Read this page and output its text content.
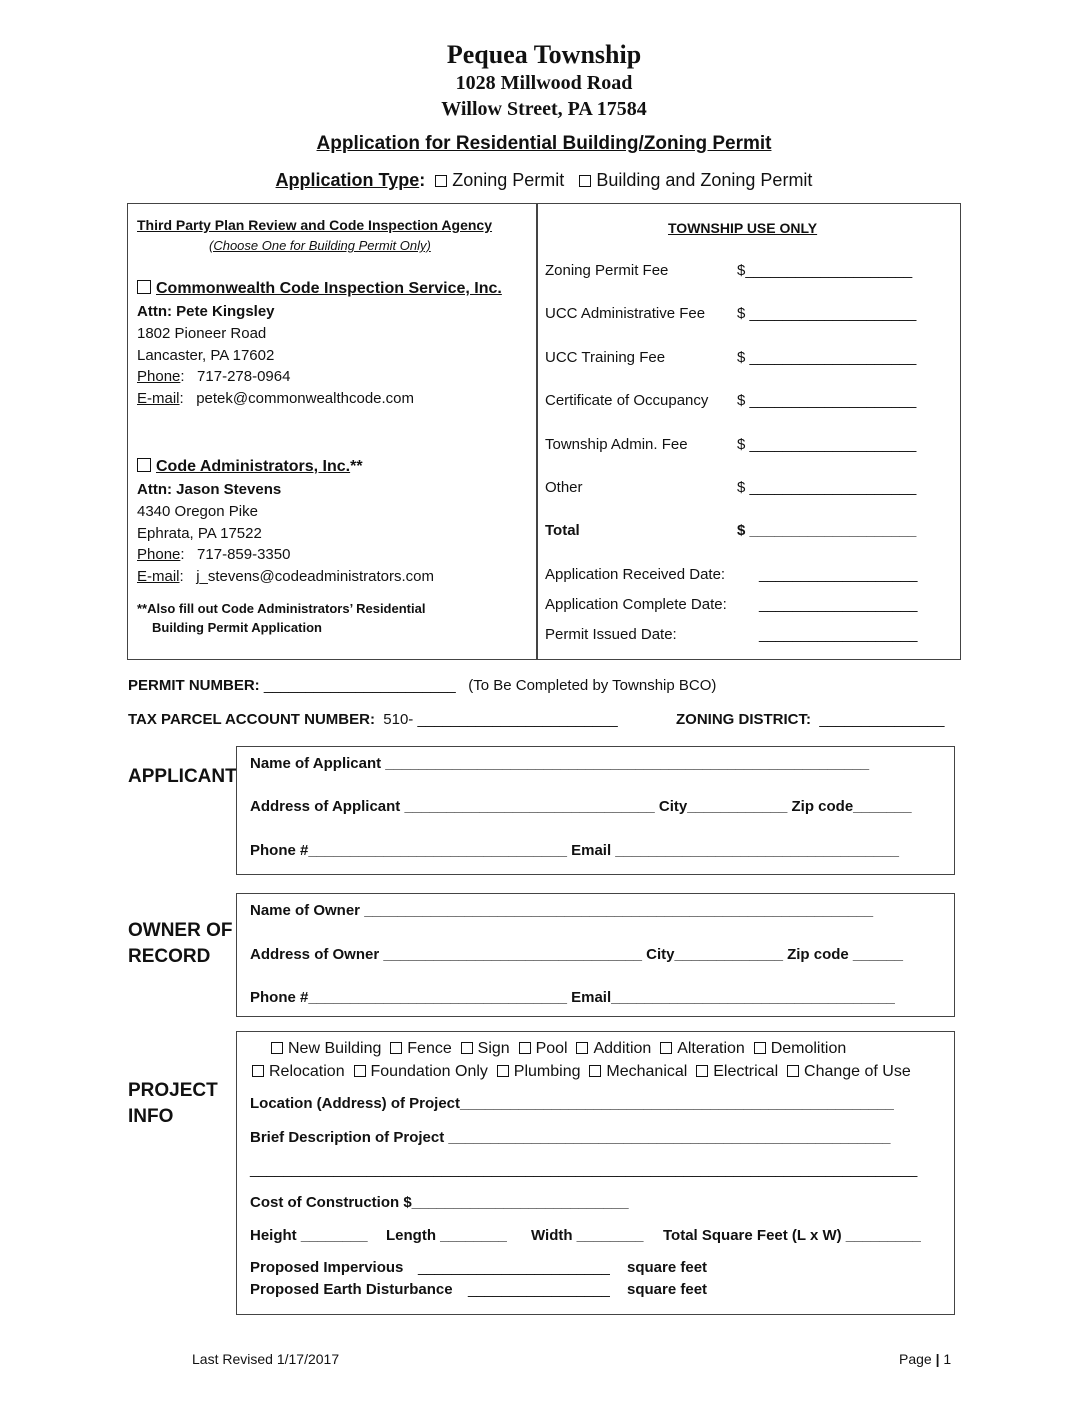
Pequea Township
1028 Millwood Road
Willow Street, PA 17584
Application for Residential Building/Zoning Permit
Application Type: Zoning Permit Building and Zoning Permit
Third Party Plan Review and Code Inspection Agency
(Choose One for Building Permit Only)
Commonwealth Code Inspection Service, Inc.
Attn: Pete Kingsley
1802 Pioneer Road
Lancaster, PA 17602
Phone:   717-278-0964
E-mail:   petek@commonwealthcode.com
Code Administrators, Inc.**
Attn: Jason Stevens
4340 Oregon Pike
Ephrata, PA 17522
Phone:   717-859-3350
E-mail:   j_stevens@codeadministrators.com
**Also fill out Code Administrators’ Residential
Building Permit Application
TOWNSHIP USE ONLY
Zoning Permit Fee	$____________________
UCC Administrative Fee $ ____________________
UCC Training Fee	$ ____________________
Certificate of Occupancy $ ____________________
Township Admin. Fee	$ ____________________
Other	$ ____________________
Total	$ ____________________
Application Received Date: ___________________
Application Complete Date: ___________________
Permit Issued Date:	___________________
PERMIT NUMBER: _______________________ (To Be Completed by Township BCO)
TAX PARCEL ACCOUNT NUMBER: 510- ________________________	ZONING DISTRICT: _______________
APPLICANT
Name of Applicant __________________________________________________________
Address of Applicant ______________________________ City____________ Zip code_______
Phone #_______________________________ Email __________________________________
OWNER OF
RECORD
Name of Owner _____________________________________________________________
Address of Owner _______________________________ City_____________ Zip code ______
Phone #_______________________________ Email__________________________________
PROJECT
INFO
New Building Fence Sign Pool Addition Alteration Demolition
Relocation Foundation Only Plumbing Mechanical Electrical Change of Use
Location (Address) of Project____________________________________________________
Brief Description of Project _____________________________________________________
________________________________________________________________________________
Cost of Construction $__________________________
Height ________ Length ________ Width ________ Total Square Feet (L x W) _________
Proposed Impervious _______________________ square feet
Proposed Earth Disturbance _________________ square feet
Last Revised 1/17/2017	Page | 1
